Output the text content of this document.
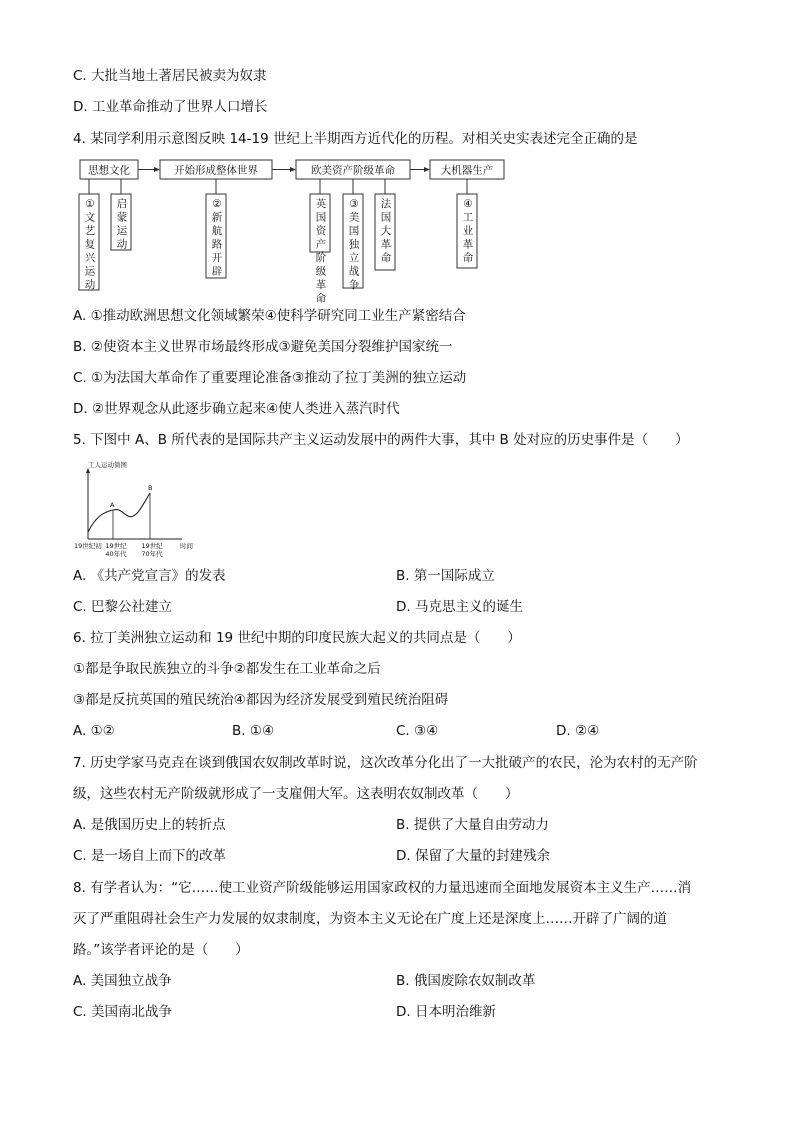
C. 大批当地土著居民被卖为奴隶
D. 工业革命推动了世界人口增长
4. 某同学利用示意图反映 14-19 世纪上半期西方近代化的历程。对相关史实表述完全正确的是
思想文化	开始形成整体世界	欧美资产阶级革命	大机器生产
① 文艺复兴运动
启蒙运动
② 新航路开辟
英国资产阶级革命
③ 美国独立战争
法国大革命
④ 工业革命
A. ①推动欧洲思想文化领域繁荣④使科学研究同工业生产紧密结合
B. ②使资本主义世界市场最终形成③避免美国分裂维护国家统一
C. ①为法国大革命作了重要理论准备③推动了拉丁美洲的独立运动
D. ②世界观念从此逐步确立起来④使人类进入蒸汽时代
5. 下图中 A、B 所代表的是国际共产主义运动发展中的两件大事，其中 B 处对应的历史事件是（　　）
工人运动简图
A
B
19世纪初 19世纪 40年代
19世纪 70年代
时间
A. 《共产党宣言》的发表	B. 第一国际成立
C. 巴黎公社建立	D. 马克思主义的诞生
6. 拉丁美洲独立运动和 19 世纪中期的印度民族大起义的共同点是（　　）
①都是争取民族独立的斗争②都发生在工业革命之后
③都是反抗英国的殖民统治④都因为经济发展受到殖民统治阻碍
A. ①②	B. ①④	C. ③④	D. ②④
7. 历史学家马克垚在谈到俄国农奴制改革时说，这次改革分化出了一大批破产的农民，沦为农村的无产阶
级，这些农村无产阶级就形成了一支雇佣大军。这表明农奴制改革（　　）
A. 是俄国历史上的转折点	B. 提供了大量自由劳动力
C. 是一场自上而下的改革	D. 保留了大量的封建残余
8. 有学者认为：“它……使工业资产阶级能够运用国家政权的力量迅速而全面地发展资本主义生产……消
灭了严重阻碍社会生产力发展的奴隶制度，为资本主义无论在广度上还是深度上……开辟了广阔的道
路。”该学者评论的是（　　）
A. 美国独立战争	B. 俄国废除农奴制改革
C. 美国南北战争	D. 日本明治维新
